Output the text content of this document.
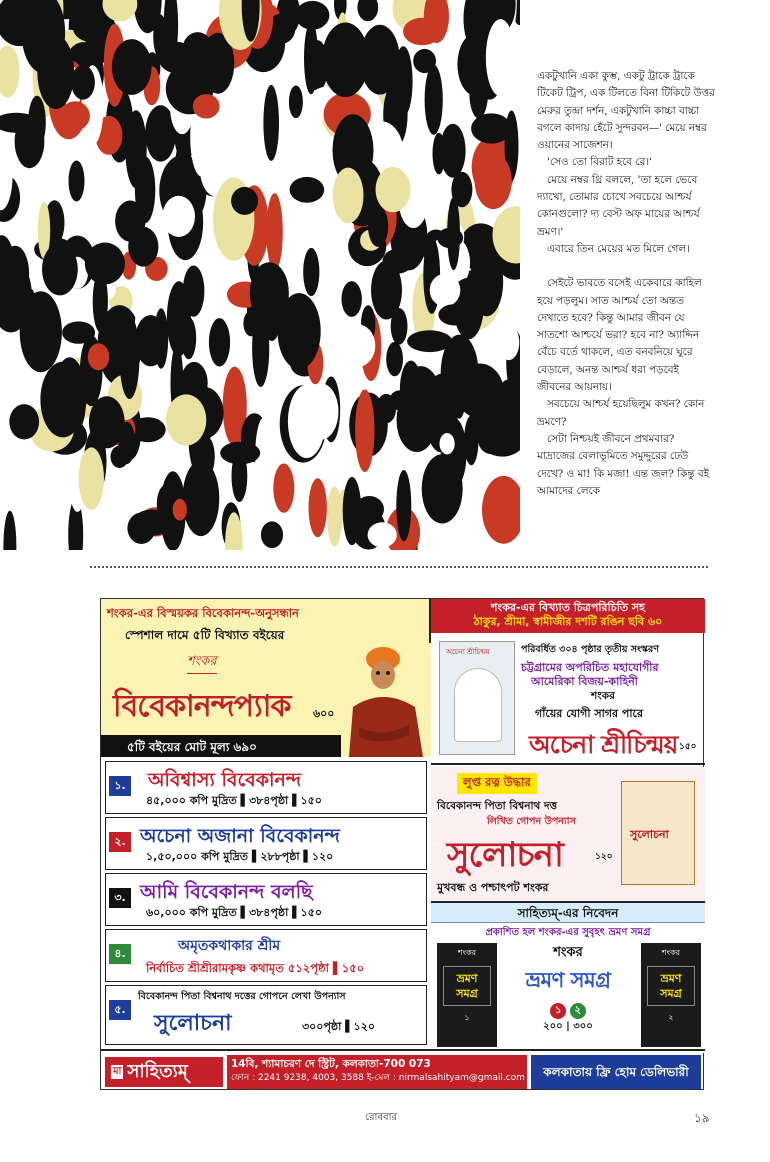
একটুখানি একা কুম্ভ, একটু ট্রাকে ট্রাকে টিকেট ট্রিপ, এক টিলতে বিনা টিকিটে উত্তর মেরুর তুন্দ্রা দর্শন, একটুখানি কাচ্চা বাচ্চা বগলে কাদায় হেঁটে সুন্দরবন—' মেয়ে নম্বর ওয়ানের সাজেশন।

'সেও তো বিরাট হবে রে।'

মেয়ে নম্বর থ্রি বললে, 'তা হলে ভেবে দ্যাখো, তোমার চোখে সবচেয়ে আশ্চর্য কোনগুলো? দ্য বেস্ট অফ মায়ের আশ্চর্য ভ্রমণ।'

এবারে তিন মেয়ের মত মিলে গেল।

সেইটে ভাবতে বসেই একেবারে কাহিল হয়ে পড়লুম। সাত আশ্চর্য তো অন্তত দেখাতে হবে? কিন্তু আমার জীবন যে সাতশো আশ্চর্যে ভরা? হবে না? অ্যাদ্দিন বেঁচে বর্তে থাকলে, এত বনবনিয়ে ঘুরে বেড়ালে, অনন্ত আশ্চর্য ধরা পড়বেই জীবনের আয়নায়।

সবচেয়ে আশ্চর্য হয়েছিলুম কখন? কোন ভ্রমণে?

সেটা নিশ্চয়ই জীবনে প্রথমবার? মাদ্রাজের বেলাভূমিতে সমুদ্দুরের ঢেউ দেখে? ও মা! কি মজা! এন্ত জল? কিন্তু বই আমাদের লেকে

শংকর-এর বিস্ময়কর বিবেকানন্দ-অনুসন্ধান
স্পেশাল দামে ৫টি বিখ্যাত বইয়ের
শংকর
বিবেকানন্দপ্যাক ৬০০
৫টি বইয়ের মোট মূল্য ৬৯০
শংকর-এর বিখ্যাত চিত্রপরিচিতি সহ
ঠাকুর, শ্রীমা, স্বামীজীর দশটি রঙিন ছবি ৬০
অচেনা শ্রীচিন্ময়	পরিবর্ধিত ৩০৪ পৃষ্ঠার তৃতীয় সংস্করণ
চট্টগ্রামের অপরিচিত মহাযোগীর
আমেরিকা বিজয়-কাহিনী
শংকর
গাঁয়ের যোগী সাগর পারে
অচেনা শ্রীচিন্ময় ১৫০
১. অবিশ্বাস্য বিবেকানন্দ
৪৫,০০০ কপি মুদ্রিত ▌৩৮৪পৃষ্ঠা ▌১৫০
২. অচেনা অজানা বিবেকানন্দ
১,৫০,০০০ কপি মুদ্রিত ▌২৮৮পৃষ্ঠা ▌১২০
৩. আমি বিবেকানন্দ বলছি
৬০,০০০ কপি মুদ্রিত ▌৩৮৪পৃষ্ঠা ▌১৫০
৪.	অমৃতকথাকার শ্রীম
নির্বাচিত শ্রীশ্রীরামকৃষ্ণ কথামৃত ৫১২পৃষ্ঠা ▌১৫০
৫.
বিবেকানন্দ পিতা বিশ্বনাথ দত্তের গোপনে লেখা উপন্যাস
সুলোচনা	৩০০পৃষ্ঠা ▌১২০
লুপ্ত রত্ন উদ্ধার
বিবেকানন্দ পিতা বিশ্বনাথ দত্ত
লিখিত গোপন উপন্যাস
সুলোচনা	১২০
মুখবন্ধ ও পশ্চাৎপট শংকর
সুলোচনা
সাহিত্যম্-এর নিবেদন
প্রকাশিত হল শংকর-এর সুবৃহৎ ভ্রমণ সমগ্র
শংকর
ভ্রমণ সমগ্র
১
শংকর
ভ্রমণ সমগ্র
১ ২
২০০ | ৩০০
শংকর
ভ্রমণ সমগ্র
২
মা সাহিত্যম্	14বি, শ্যামাচরণ দে স্ট্রিট, কলকাতা-700 073
ফোন : 2241 9238, 4003, 3588 ই-মেল : nirmalsahityam@gmail.com	কলকাতায় ফ্রি হোম ডেলিভারী
রোববার	১৯
